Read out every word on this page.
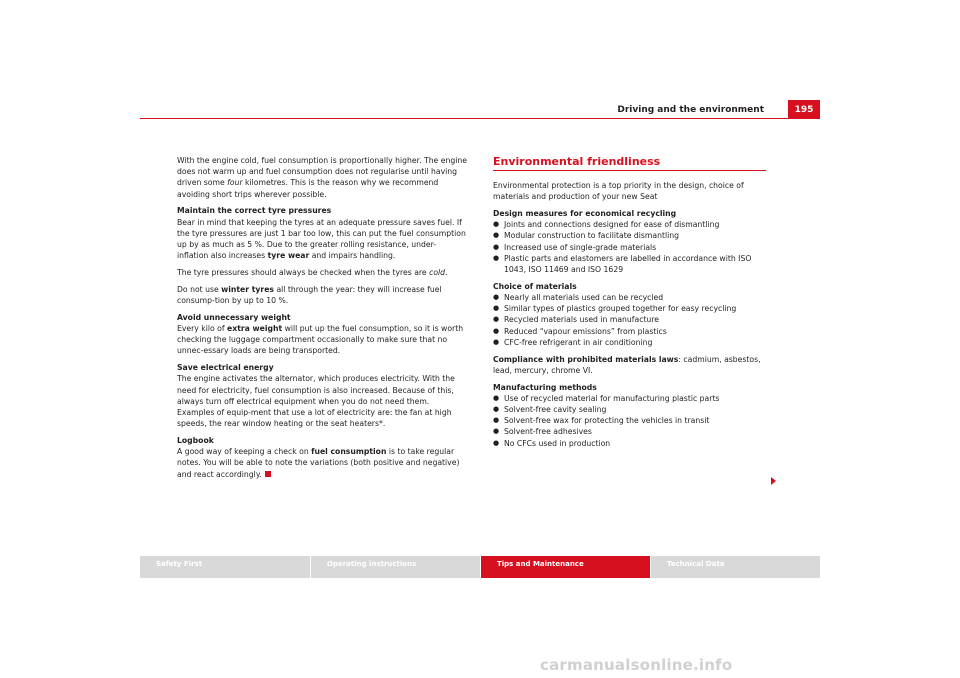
Driving and the environment	195

With the engine cold, fuel consumption is proportionally higher. The engine does not warm up and fuel consumption does not regularise until having driven some four kilometres. This is the reason why we recommend avoiding short trips wherever possible.

Maintain the correct tyre pressures

Bear in mind that keeping the tyres at an adequate pressure saves fuel. If the tyre pressures are just 1 bar too low, this can put the fuel consumption up by as much as 5 %. Due to the greater rolling resistance, under-inflation also increases tyre wear and impairs handling.

The tyre pressures should always be checked when the tyres are cold.

Do not use winter tyres all through the year: they will increase fuel consump-tion by up to 10 %.

Avoid unnecessary weight

Every kilo of extra weight will put up the fuel consumption, so it is worth checking the luggage compartment occasionally to make sure that no unnec-essary loads are being transported.

Save electrical energy

The engine activates the alternator, which produces electricity. With the need for electricity, fuel consumption is also increased. Because of this, always turn off electrical equipment when you do not need them. Examples of equip-ment that use a lot of electricity are: the fan at high speeds, the rear window heating or the seat heaters*.

Logbook

A good way of keeping a check on fuel consumption is to take regular notes. You will be able to note the variations (both positive and negative) and react accordingly.

Environmental friendliness

Environmental protection is a top priority in the design, choice of materials and production of your new Seat

Design measures for economical recycling

● Joints and connections designed for ease of dismantling
● Modular construction to facilitate dismantling
● Increased use of single-grade materials
● Plastic parts and elastomers are labelled in accordance with ISO 1043, ISO 11469 and ISO 1629

Choice of materials

● Nearly all materials used can be recycled
● Similar types of plastics grouped together for easy recycling
● Recycled materials used in manufacture
● Reduced “vapour emissions” from plastics
● CFC-free refrigerant in air conditioning

Compliance with prohibited materials laws: cadmium, asbestos, lead, mercury, chrome VI.

Manufacturing methods

● Use of recycled material for manufacturing plastic parts
● Solvent-free cavity sealing
● Solvent-free wax for protecting the vehicles in transit
● Solvent-free adhesives
● No CFCs used in production
Safety First	Operating instructions	Tips and Maintenance	Technical Data
carmanualsonline.info
